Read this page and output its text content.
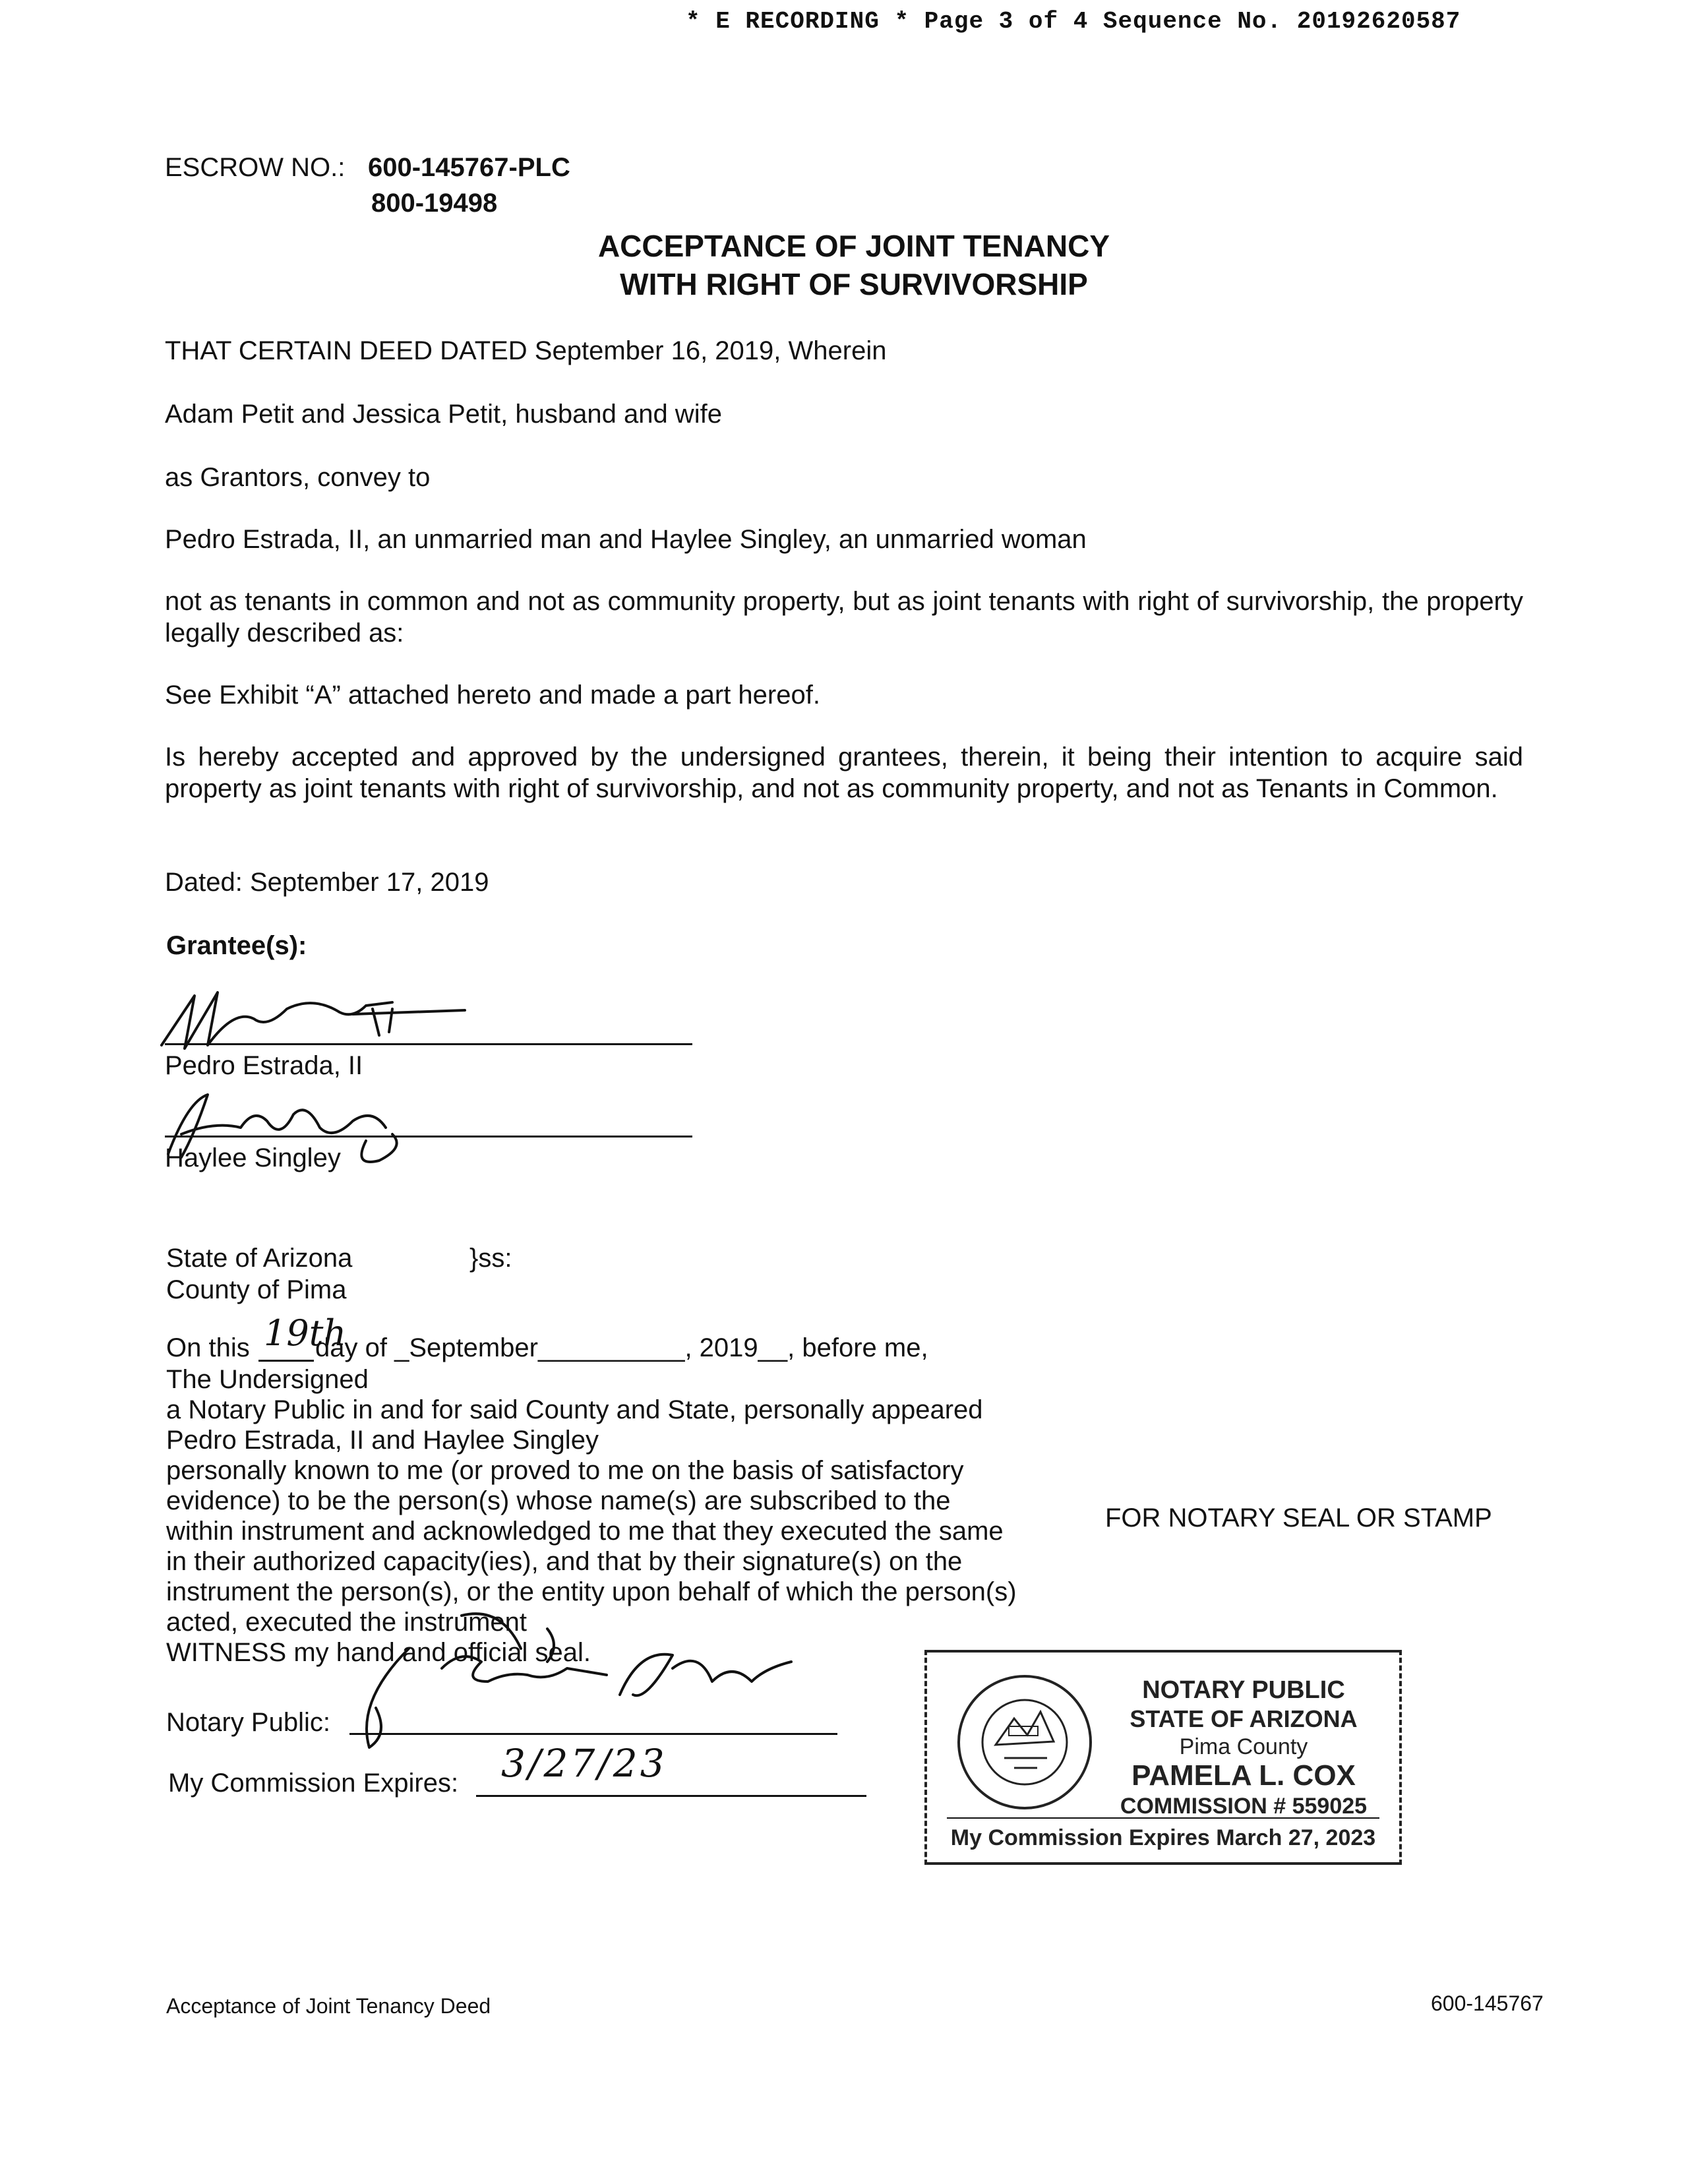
* E RECORDING * Page 3 of 4 Sequence No. 20192620587
ESCROW NO.: 600-145767-PLC
800-19498
ACCEPTANCE OF JOINT TENANCY
WITH RIGHT OF SURVIVORSHIP
THAT CERTAIN DEED DATED September 16, 2019, Wherein
Adam Petit and Jessica Petit, husband and wife
as Grantors, convey to
Pedro Estrada, II, an unmarried man and Haylee Singley, an unmarried woman
not as tenants in common and not as community property, but as joint tenants with right of survivorship, the property legally described as:
See Exhibit “A” attached hereto and made a part hereof.
Is hereby accepted and approved by the undersigned grantees, therein, it being their intention to acquire said property as joint tenants with right of survivorship, and not as community property, and not as Tenants in Common.
Dated: September 17, 2019
Grantee(s):
Pedro Estrada, II
Haylee Singley
State of Arizona	}ss:
County of Pima
On this 19th
day of _September__________, 2019__, before me,
The Undersigned
a Notary Public in and for said County and State, personally appeared
Pedro Estrada, II and Haylee Singley
personally known to me (or proved to me on the basis of satisfactory
evidence) to be the person(s) whose name(s) are subscribed to the
within instrument and acknowledged to me that they executed the same
in their authorized capacity(ies), and that by their signature(s) on the
instrument the person(s), or the entity upon behalf of which the person(s)
acted, executed the instrument
WITNESS my hand and official seal.
FOR NOTARY SEAL OR STAMP
Notary Public:
My Commission Expires: 3/27/23
NOTARY PUBLIC
STATE OF ARIZONA
Pima County
PAMELA L. COX
COMMISSION # 559025
My Commission Expires March 27, 2023
Acceptance of Joint Tenancy Deed	600-145767
